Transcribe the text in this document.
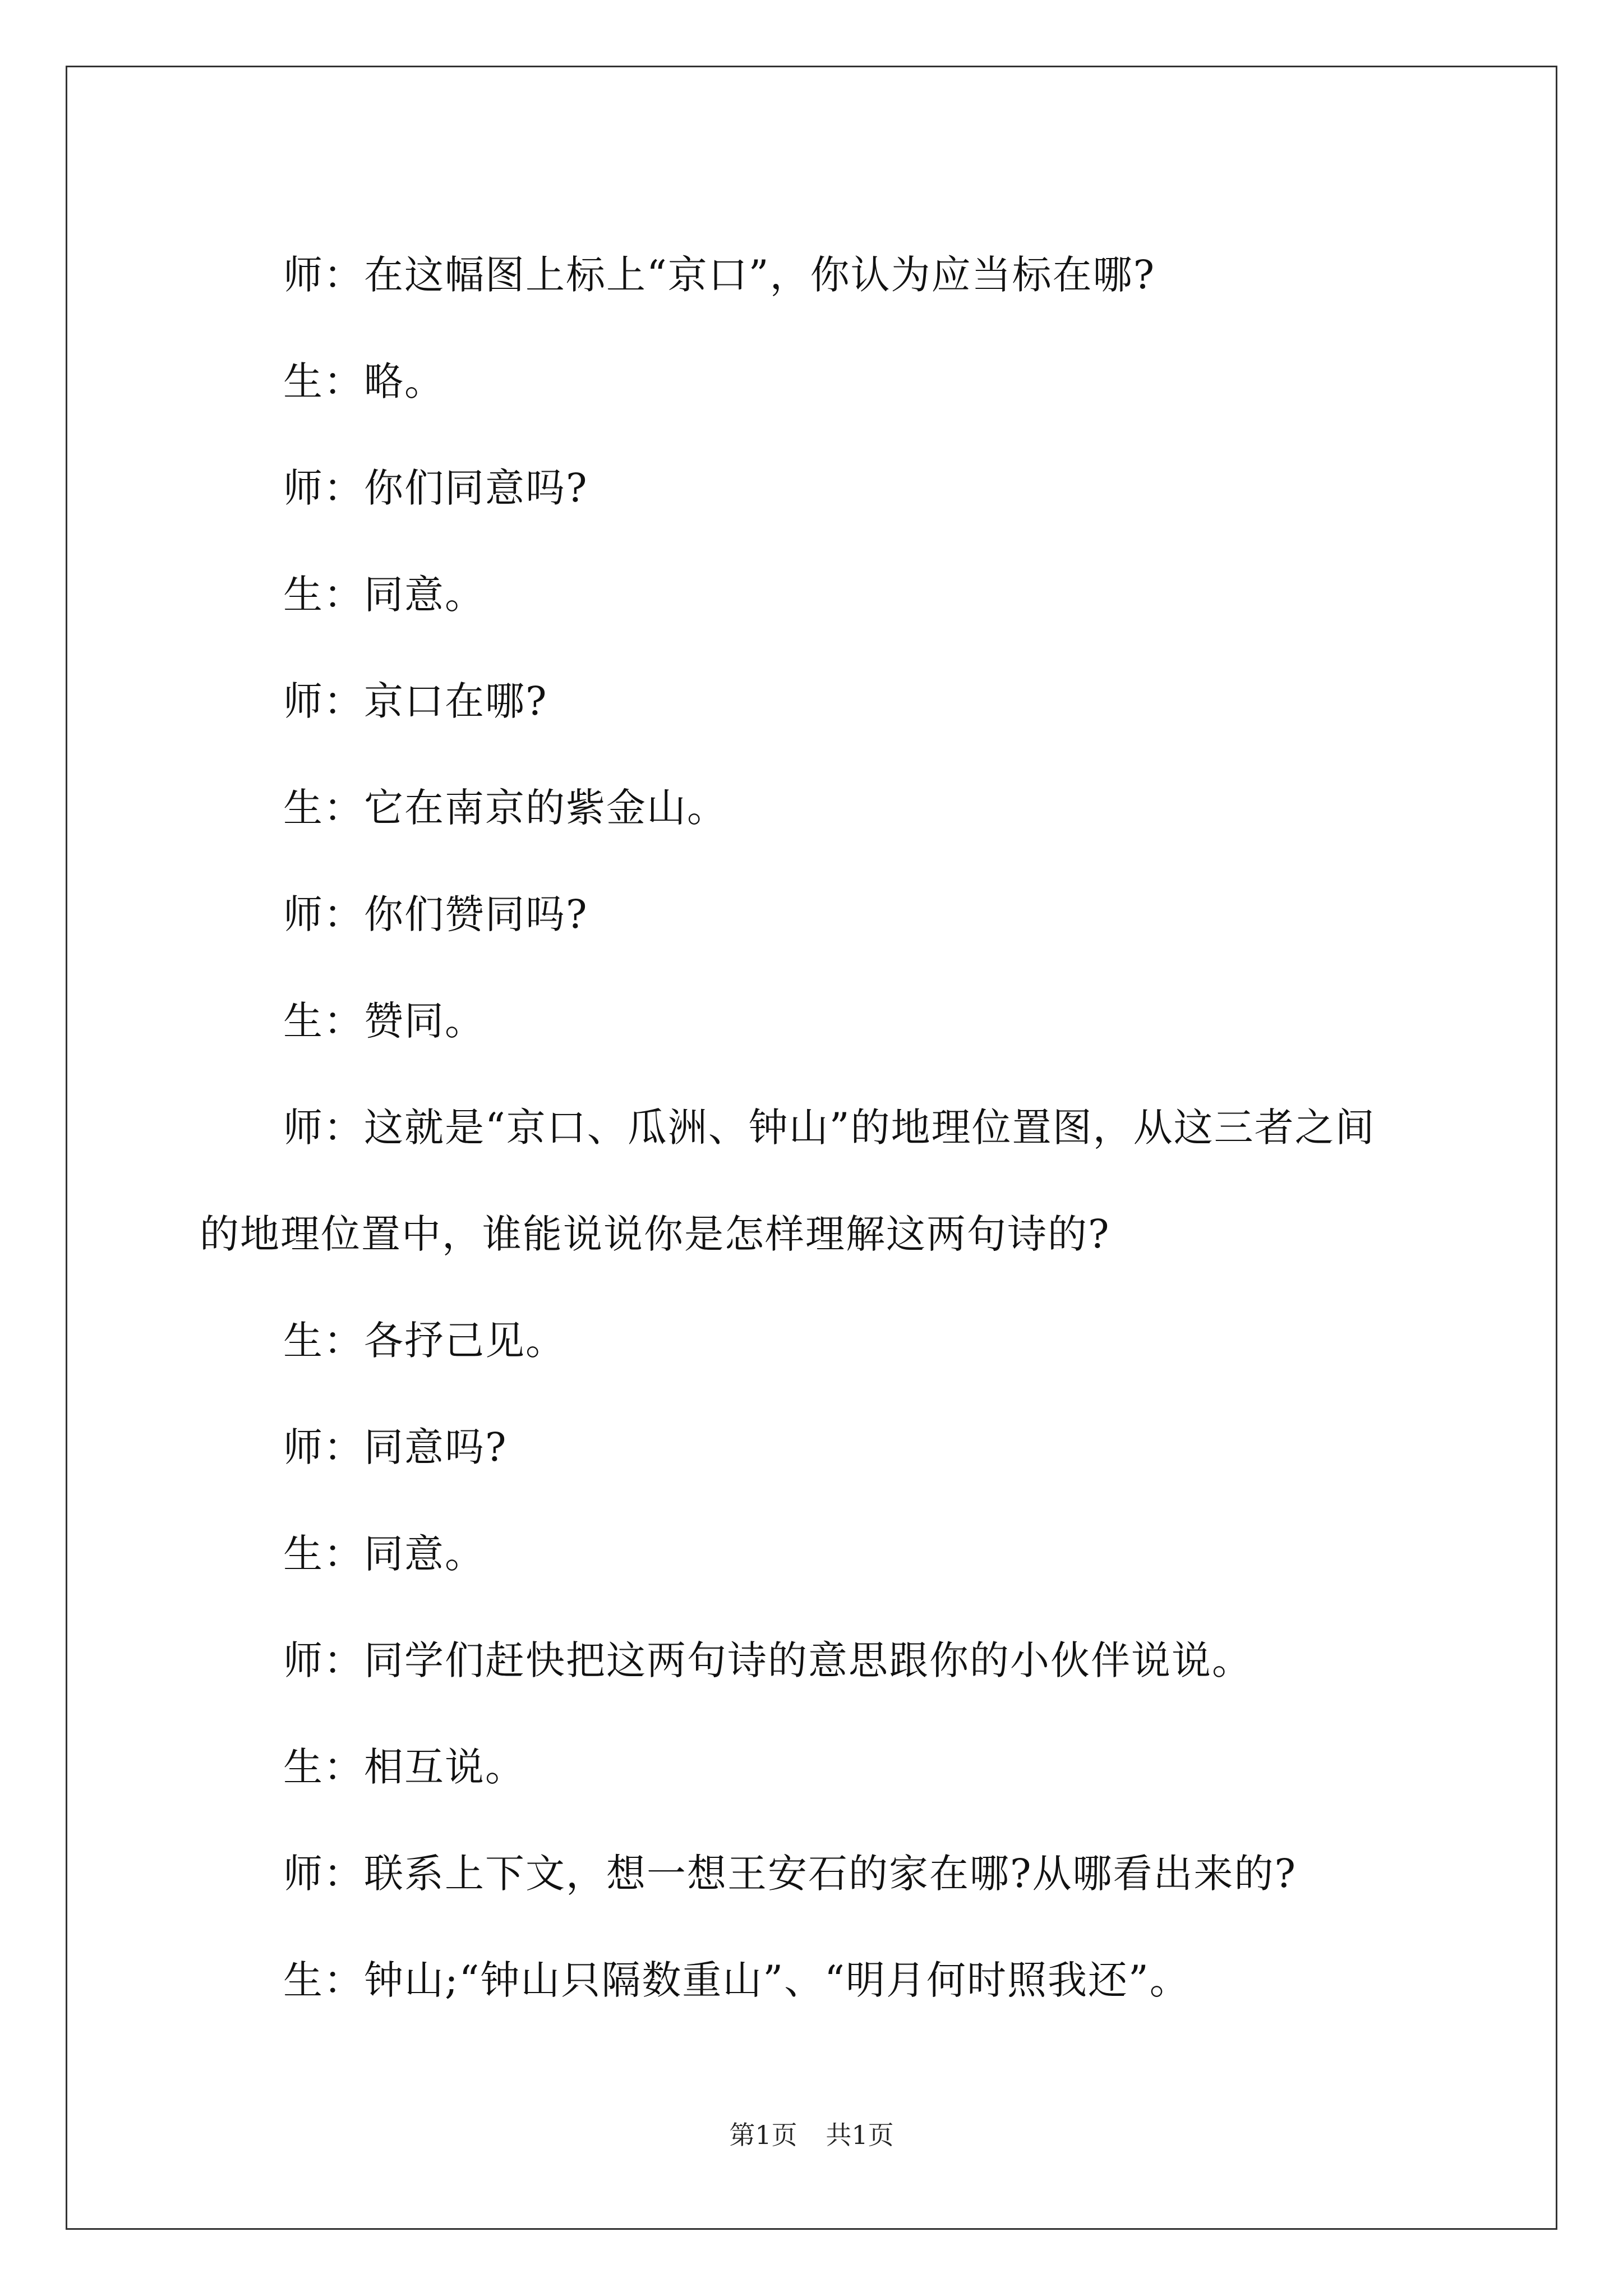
师：在这幅图上标上“京口”，你认为应当标在哪?

生：略。

师：你们同意吗?

生：同意。

师：京口在哪?

生：它在南京的紫金山。

师：你们赞同吗?

生：赞同。

师：这就是“京口、瓜洲、钟山”的地理位置图，从这三者之间
的地理位置中，谁能说说你是怎样理解这两句诗的?

生：各抒己见。

师：同意吗?

生：同意。

师：同学们赶快把这两句诗的意思跟你的小伙伴说说。

生：相互说。

师：联系上下文，想一想王安石的家在哪?从哪看出来的?

生：钟山;“钟山只隔数重山”、“明月何时照我还”。

第1页 共1页
